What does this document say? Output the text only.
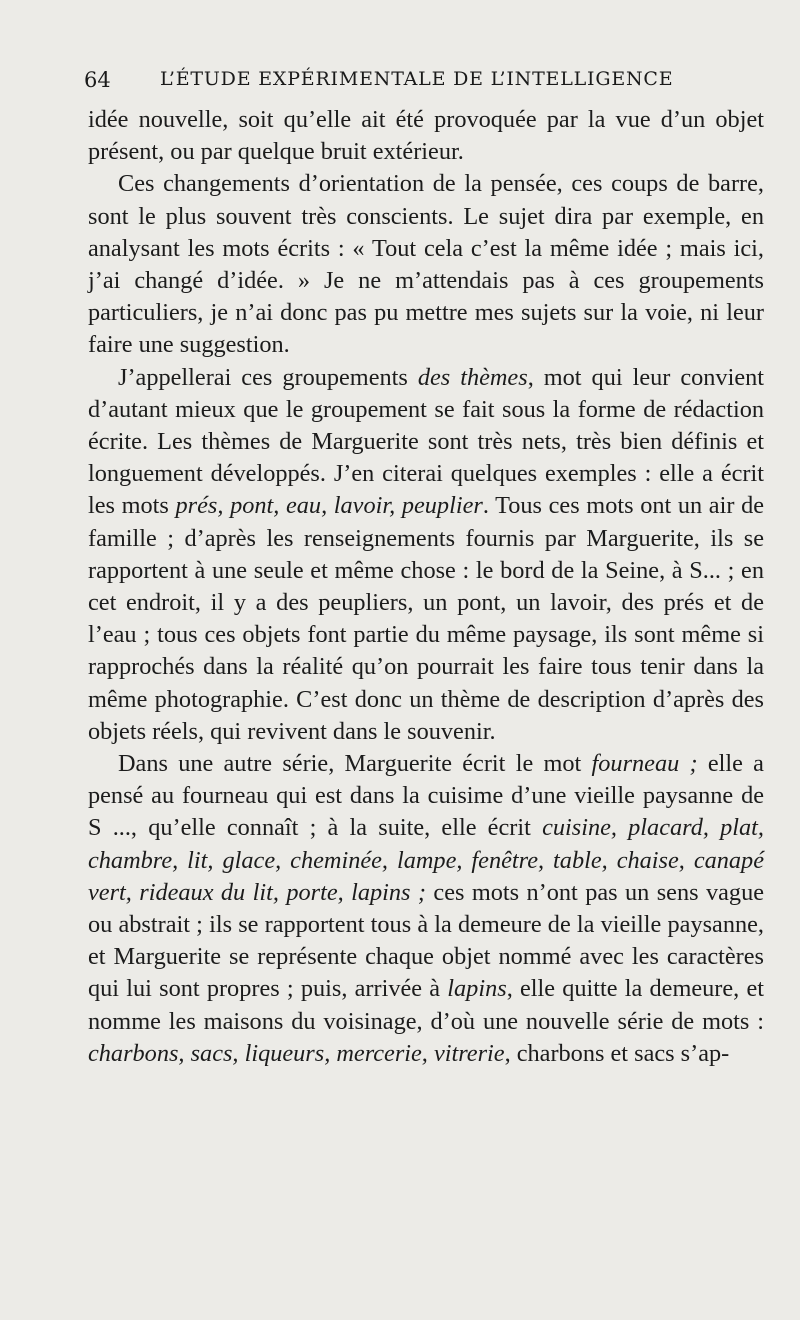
64	L’ÉTUDE EXPÉRIMENTALE DE L’INTELLIGENCE

idée nouvelle, soit qu’elle ait été provoquée par la vue d’un objet présent, ou par quelque bruit extérieur.

Ces changements d’orientation de la pensée, ces coups de barre, sont le plus souvent très conscients. Le sujet dira par exemple, en analysant les mots écrits : « Tout cela c’est la même idée ; mais ici, j’ai changé d’idée. » Je ne m’attendais pas à ces groupements particuliers, je n’ai donc pas pu mettre mes sujets sur la voie, ni leur faire une suggestion.

J’appellerai ces groupements des thèmes, mot qui leur convient d’autant mieux que le groupement se fait sous la forme de rédaction écrite. Les thèmes de Marguerite sont très nets, très bien définis et longuement développés. J’en citerai quelques exemples : elle a écrit les mots prés, pont, eau, lavoir, peuplier. Tous ces mots ont un air de famille ; d’après les renseignements fournis par Marguerite, ils se rapportent à une seule et même chose : le bord de la Seine, à S... ; en cet endroit, il y a des peupliers, un pont, un lavoir, des prés et de l’eau ; tous ces objets font partie du même paysage, ils sont même si rapprochés dans la réalité qu’on pourrait les faire tous tenir dans la même photographie. C’est donc un thème de description d’après des objets réels, qui revivent dans le souvenir.

Dans une autre série, Marguerite écrit le mot fourneau ; elle a pensé au fourneau qui est dans la cuisime d’une vieille paysanne de S ..., qu’elle connaît ; à la suite, elle écrit cuisine, placard, plat, chambre, lit, glace, cheminée, lampe, fenêtre, table, chaise, canapé vert, rideaux du lit, porte, lapins ; ces mots n’ont pas un sens vague ou abstrait ; ils se rapportent tous à la demeure de la vieille paysanne, et Marguerite se représente chaque objet nommé avec les caractères qui lui sont propres ; puis, arrivée à lapins, elle quitte la demeure, et nomme les maisons du voisinage, d’où une nouvelle série de mots : charbons, sacs, liqueurs, mercerie, vitrerie, charbons et sacs s’ap-
